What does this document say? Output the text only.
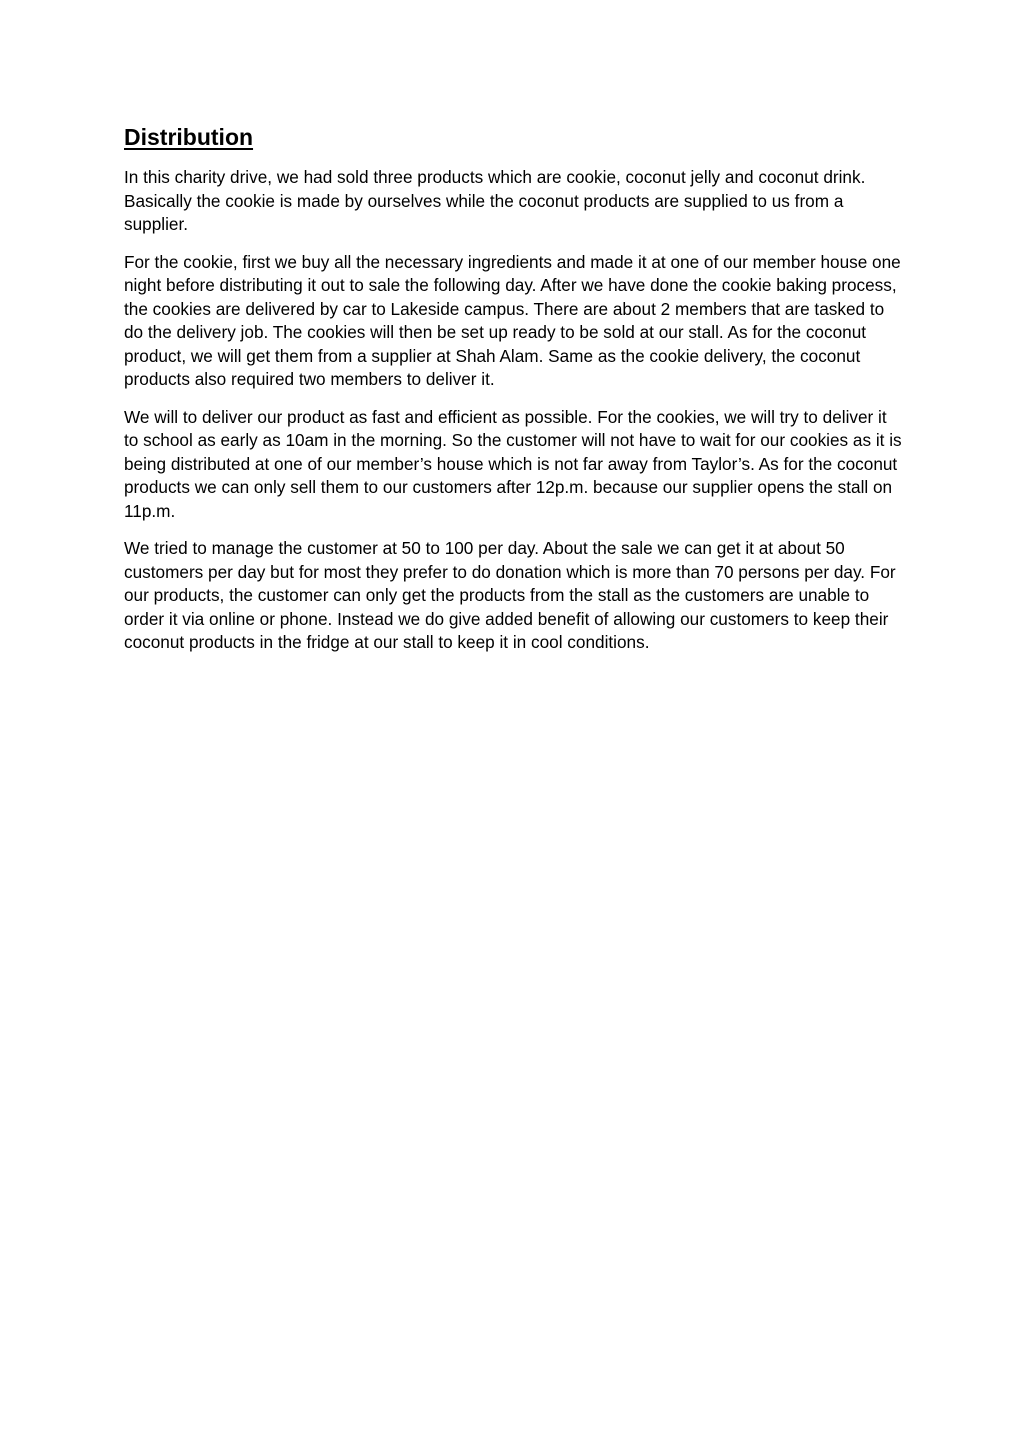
Distribution

In this charity drive, we had sold three products which are cookie, coconut jelly and coconut drink. Basically the cookie is made by ourselves while the coconut products are supplied to us from a supplier.

For the cookie, first we buy all the necessary ingredients and made it at one of our member house one night before distributing it out to sale the following day. After we have done the cookie baking process, the cookies are delivered by car to Lakeside campus. There are about 2 members that are tasked to do the delivery job. The cookies will then be set up ready to be sold at our stall. As for the coconut product, we will get them from a supplier at Shah Alam. Same as the cookie delivery, the coconut products also required two members to deliver it.

We will to deliver our product as fast and efficient as possible. For the cookies, we will try to deliver it to school as early as 10am in the morning. So the customer will not have to wait for our cookies as it is being distributed at one of our member’s house which is not far away from Taylor’s. As for the coconut products we can only sell them to our customers after 12p.m. because our supplier opens the stall on 11p.m.

We tried to manage the customer at 50 to 100 per day. About the sale we can get it at about 50 customers per day but for most they prefer to do donation which is more than 70 persons per day. For our products, the customer can only get the products from the stall as the customers are unable to order it via online or phone. Instead we do give added benefit of allowing our customers to keep their coconut products in the fridge at our stall to keep it in cool conditions.
